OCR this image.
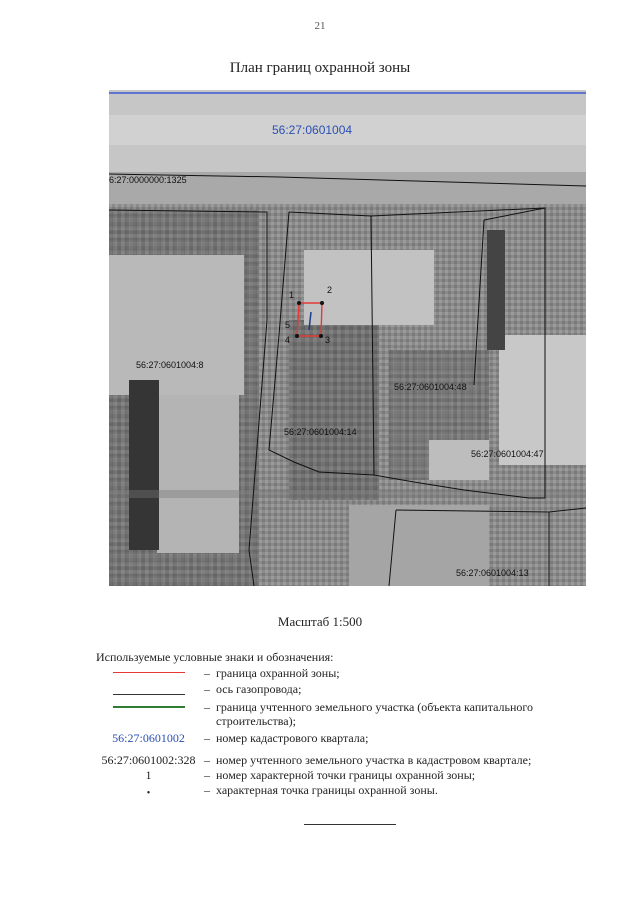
21
План границ охранной зоны
1	2
3
4
5
56:27:0601004
6:27:0000000:1325
56:27:0601004:8
56:27:0601004:14
56:27:0601004:48
56:27:0601004:47
56:27:0601004:13
Масштаб 1:500
Используемые условные знаки и обозначения:
– граница охранной зоны;
– ось газопровода;
– граница учтенного земельного участка (объекта капитального строительства);
56:27:0601002	– номер кадастрового квартала;
56:27:0601002:328 – номер учтенного земельного участка в кадастровом квартале;
1	– номер характерной точки границы охранной зоны;
•	– характерная точка границы охранной зоны.
